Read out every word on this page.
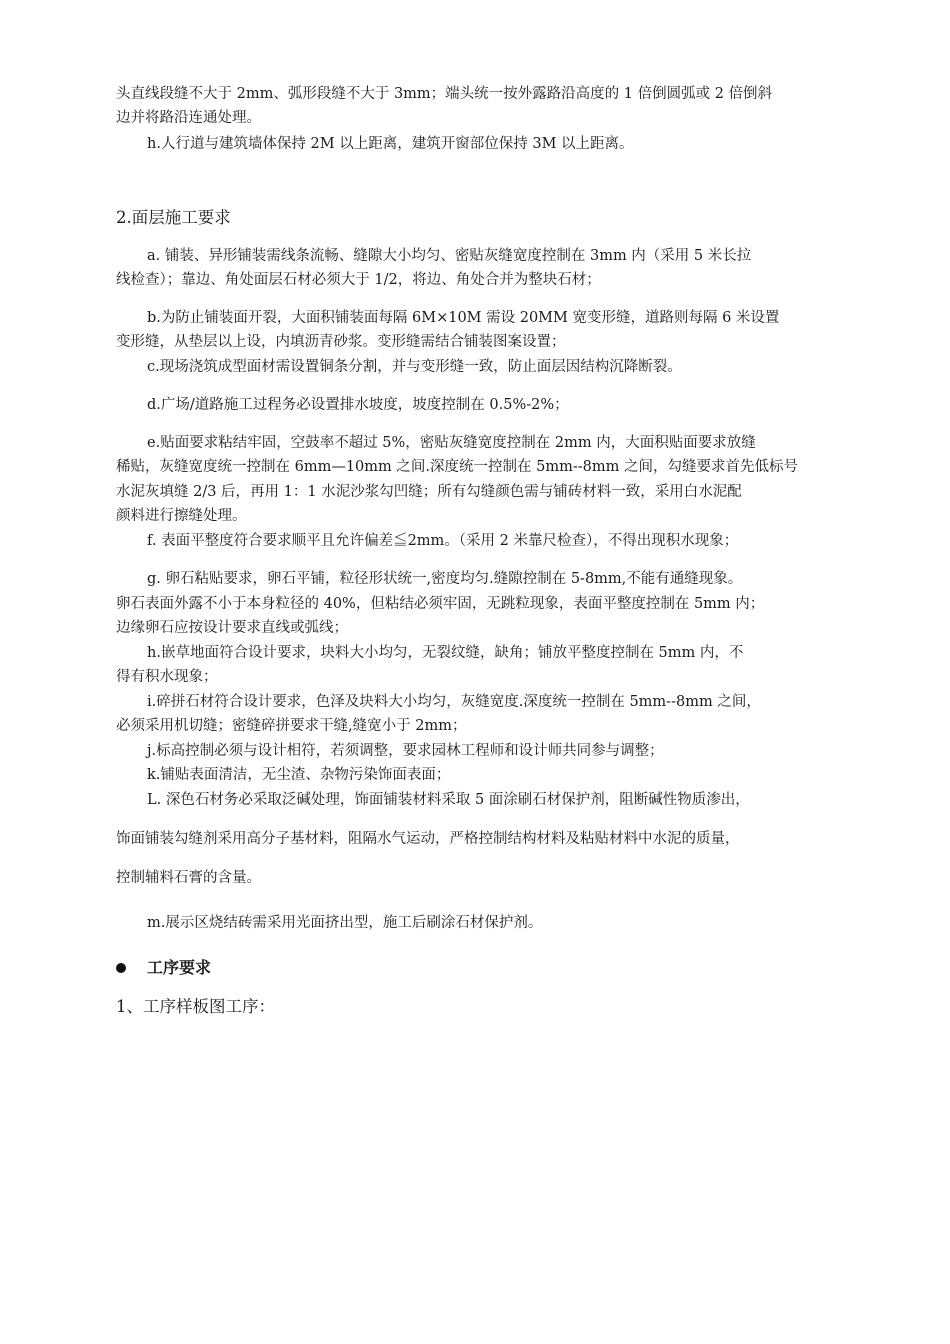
头直线段缝不大于 2mm、弧形段缝不大于 3mm；端头统一按外露路沿高度的 1 倍倒圆弧或 2 倍倒斜
边并将路沿连通处理。
h.人行道与建筑墙体保持 2M 以上距离，建筑开窗部位保持 3M 以上距离。
2.面层施工要求
a. 铺装、异形铺装需线条流畅、缝隙大小均匀、密贴灰缝宽度控制在 3mm 内（采用 5 米长拉
线检查）；靠边、角处面层石材必须大于 1/2，将边、角处合并为整块石材；
b.为防止铺装面开裂，大面积铺装面每隔 6M×10M 需设 20MM 宽变形缝，道路则每隔 6 米设置
变形缝，从垫层以上设，内填沥青砂浆。变形缝需结合铺装图案设置；
c.现场浇筑成型面材需设置铜条分割，并与变形缝一致，防止面层因结构沉降断裂。
d.广场/道路施工过程务必设置排水坡度，坡度控制在 0.5%-2%；
e.贴面要求粘结牢固，空鼓率不超过 5%，密贴灰缝宽度控制在 2mm 内，大面积贴面要求放缝
稀贴，灰缝宽度统一控制在 6mm—10mm 之间.深度统一控制在 5mm--8mm 之间，勾缝要求首先低标号
水泥灰填缝 2/3 后，再用 1：1 水泥沙浆勾凹缝；所有勾缝颜色需与铺砖材料一致，采用白水泥配
颜料进行擦缝处理。
f. 表面平整度符合要求顺平且允许偏差≦2mm。（采用 2 米靠尺检查），不得出现积水现象；
g. 卵石粘贴要求，卵石平铺，粒径形状统一,密度均匀.缝隙控制在 5-8mm,不能有通缝现象。
卵石表面外露不小于本身粒径的 40%，但粘结必须牢固，无跳粒现象，表面平整度控制在 5mm 内；
边缘卵石应按设计要求直线或弧线；
h.嵌草地面符合设计要求，块料大小均匀，无裂纹缝，缺角；铺放平整度控制在 5mm 内，不
得有积水现象；
i.碎拼石材符合设计要求，色泽及块料大小均匀，灰缝宽度.深度统一控制在 5mm--8mm 之间，
必须采用机切缝；密缝碎拼要求干缝,缝宽小于 2mm；
j.标高控制必须与设计相符，若须调整，要求园林工程师和设计师共同参与调整；
k.铺贴表面清洁，无尘渣、杂物污染饰面表面；
L. 深色石材务必采取泛碱处理，饰面铺装材料采取 5 面涂刷石材保护剂，阻断碱性物质渗出，
饰面铺装勾缝剂采用高分子基材料，阻隔水气运动，严格控制结构材料及粘贴材料中水泥的质量，
控制辅料石膏的含量。
m.展示区烧结砖需采用光面挤出型，施工后刷涂石材保护剂。
工序要求
1、工序样板图工序：
